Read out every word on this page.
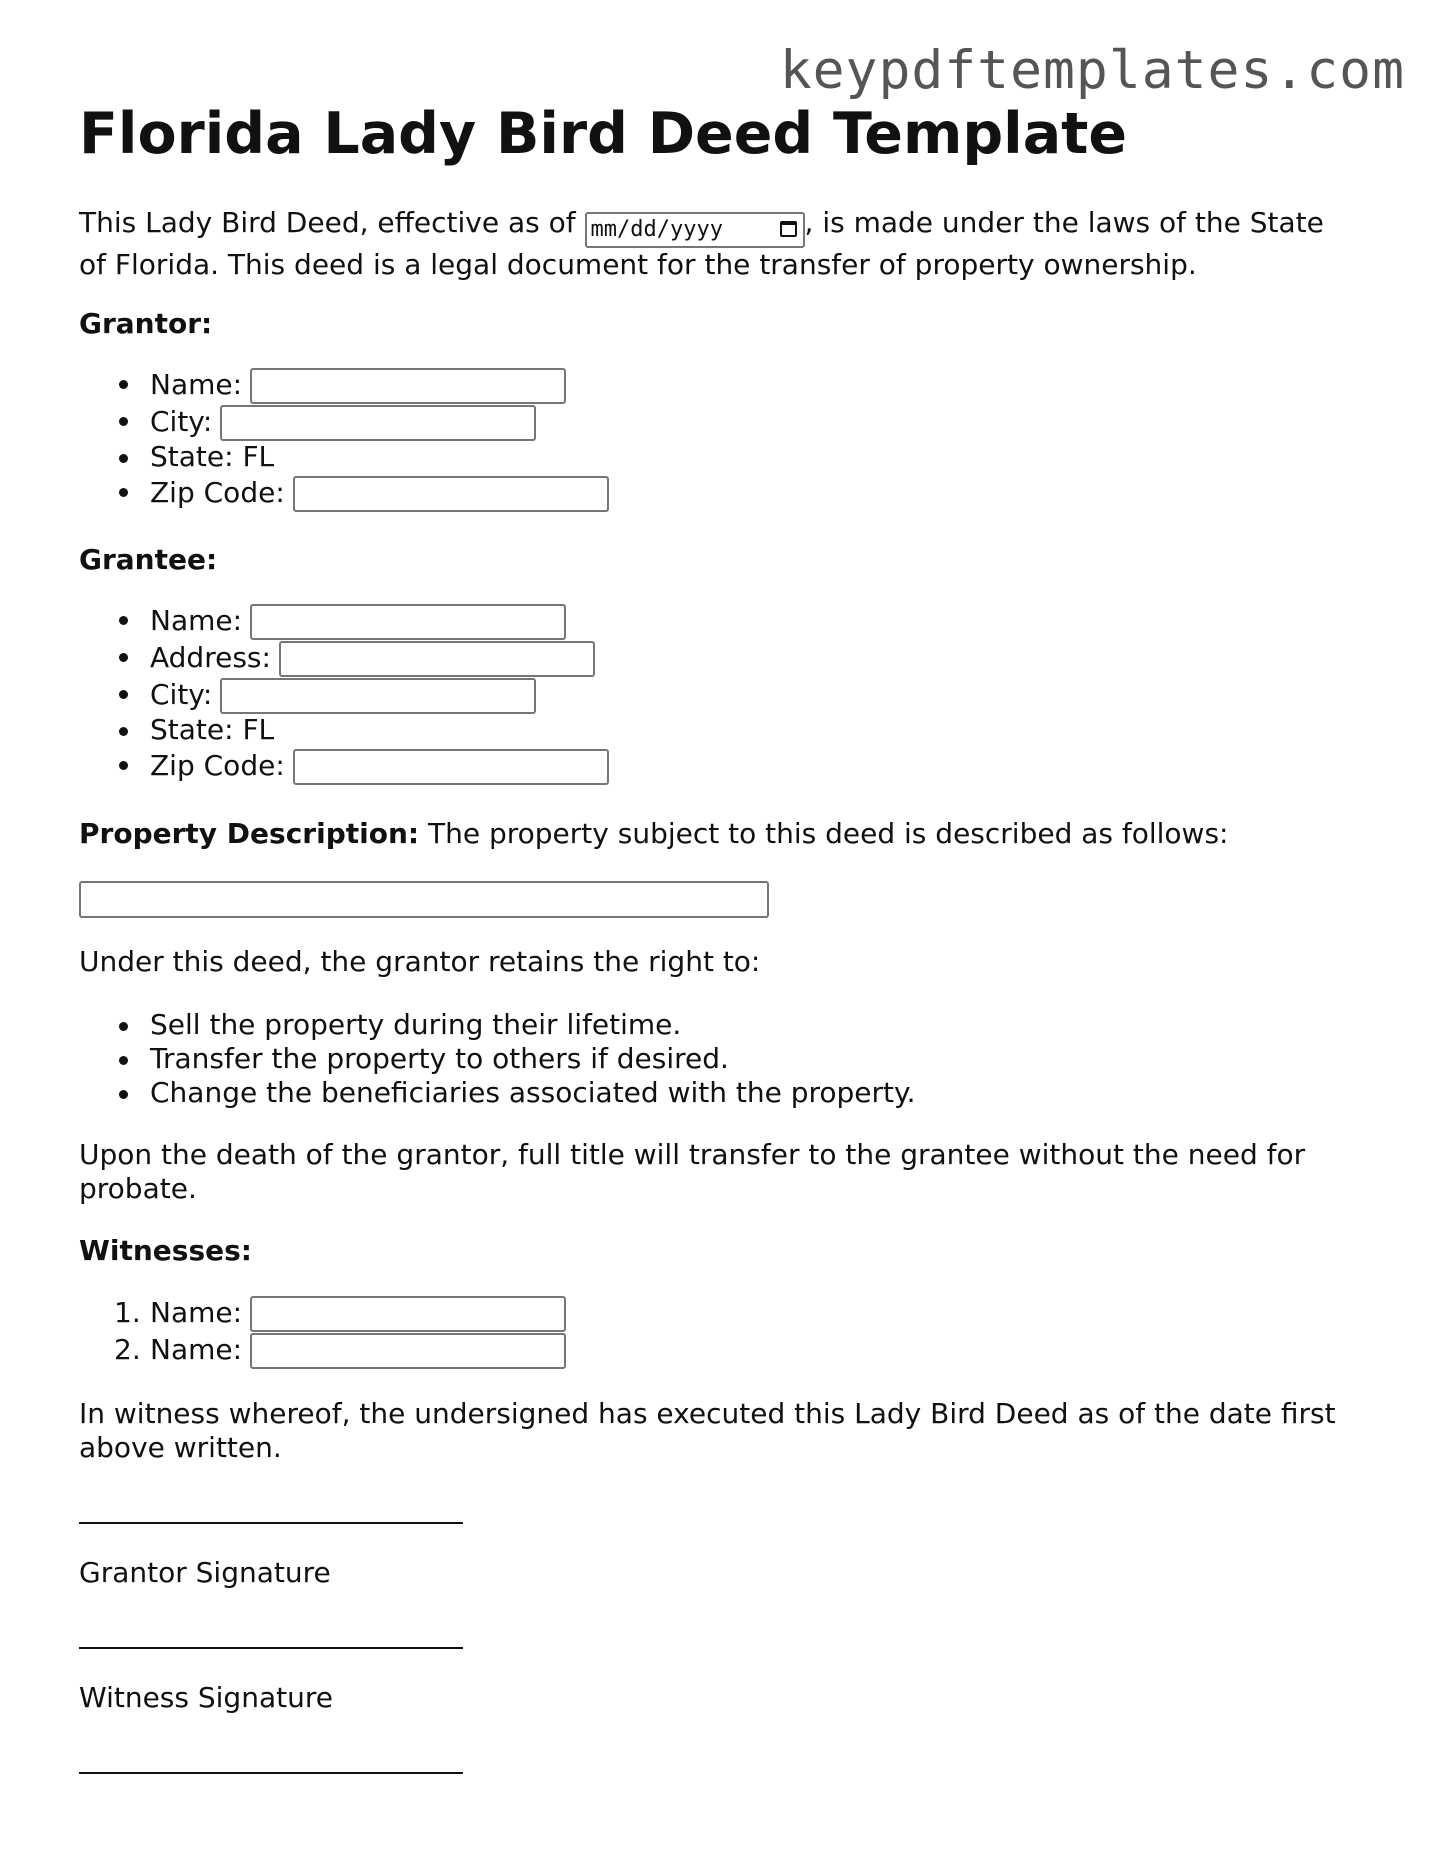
keypdftemplates.com
Florida Lady Bird Deed Template
This Lady Bird Deed, effective as of mm/dd/yyyy	, is made under the laws of the State
of Florida. This deed is a legal document for the transfer of property ownership.
Grantor:
Name:
City:
State: FL
Zip Code:
Grantee:
Name:
Address:
City:
State: FL
Zip Code:
Property Description: The property subject to this deed is described as follows:
Under this deed, the grantor retains the right to:
Sell the property during their lifetime.
Transfer the property to others if desired.
Change the beneficiaries associated with the property.
Upon the death of the grantor, full title will transfer to the grantee without the need for
probate.
Witnesses:
1. Name:
2. Name:
In witness whereof, the undersigned has executed this Lady Bird Deed as of the date first
above written.
Grantor Signature
Witness Signature
